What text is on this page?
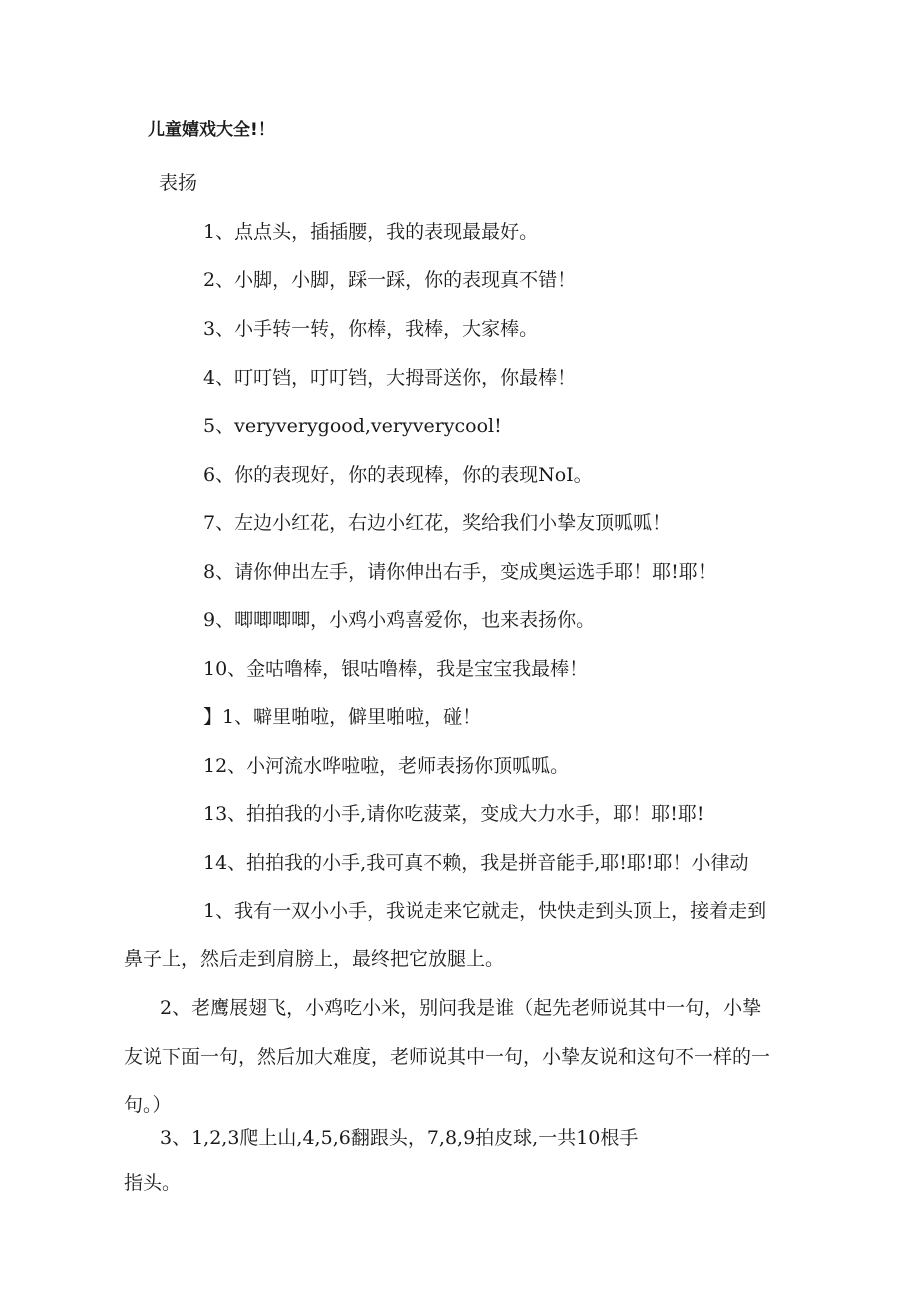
儿童嬉戏大全!！
表扬
1、点点头，插插腰，我的表现最最好。
2、小脚，小脚，踩一踩，你的表现真不错！
3、小手转一转，你棒，我棒，大家棒。
4、叮叮铛，叮叮铛，大拇哥送你，你最棒！
5、veryverygood,veryverycool!
6、你的表现好，你的表现棒，你的表现NoI。
7、左边小红花，右边小红花，奖给我们小挚友顶呱呱！
8、请你伸出左手，请你伸出右手，变成奥运选手耶！耶!耶！
9、唧唧唧唧，小鸡小鸡喜爱你，也来表扬你。
10、金咕噜棒，银咕噜棒，我是宝宝我最棒！
】1、噼里啪啦，僻里啪啦，碰！
12、小河流水哗啦啦，老师表扬你顶呱呱。
13、拍拍我的小手,请你吃菠菜，变成大力水手，耶！耶!耶!
14、拍拍我的小手,我可真不赖，我是拼音能手,耶!耶!耶！小律动
1、我有一双小小手，我说走来它就走，快快走到头顶上，接着走到
鼻子上，然后走到肩膀上，最终把它放腿上。
2、老鹰展翅飞，小鸡吃小米，别问我是谁（起先老师说其中一句，小挚
友说下面一句，然后加大难度，老师说其中一句，小挚友说和这句不一样的一
句。）
3、1,2,3爬上山,4,5,6翻跟头，7,8,9拍皮球,一共10根手
指头。
